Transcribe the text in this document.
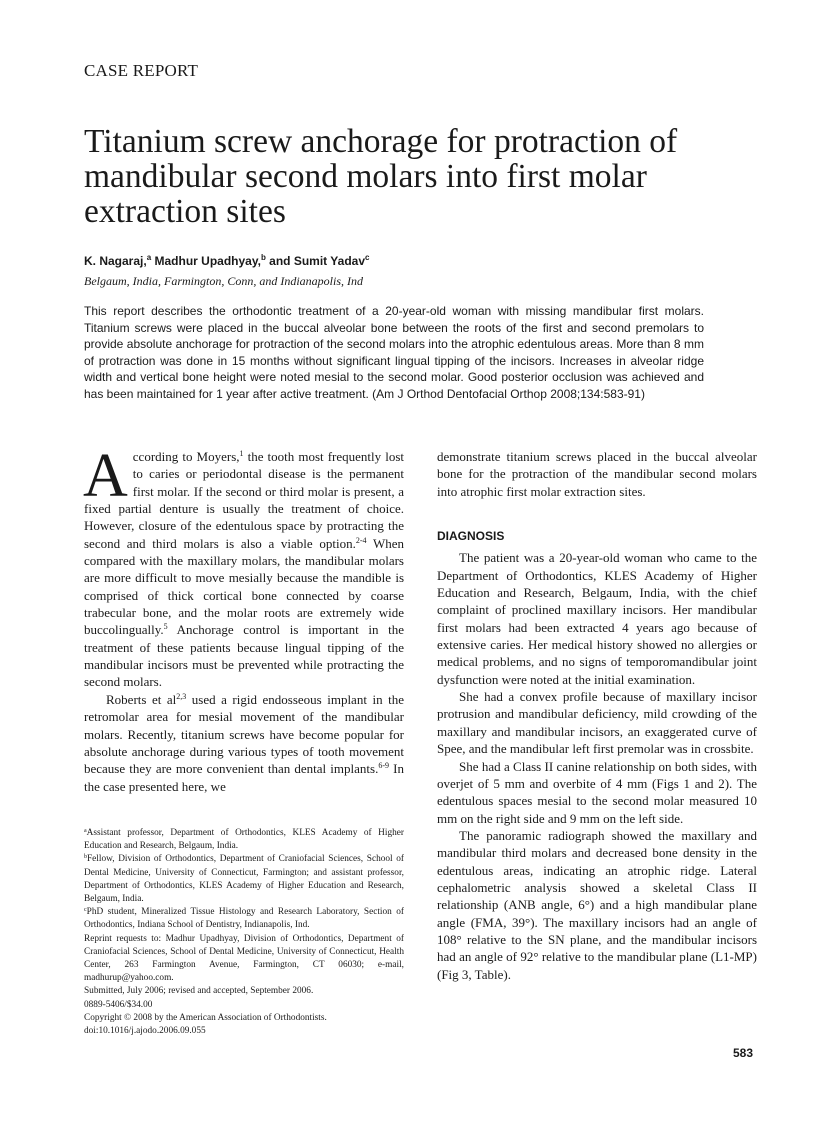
CASE REPORT
Titanium screw anchorage for protraction of mandibular second molars into first molar extraction sites
K. Nagaraj,$^a$ Madhur Upadhyay,$^b$ and Sumit Yadav$^c$
Belgaum, India, Farmington, Conn, and Indianapolis, Ind
This report describes the orthodontic treatment of a 20-year-old woman with missing mandibular first molars. Titanium screws were placed in the buccal alveolar bone between the roots of the first and second premolars to provide absolute anchorage for protraction of the second molars into the atrophic edentulous areas. More than 8 mm of protraction was done in 15 months without significant lingual tipping of the incisors. Increases in alveolar ridge width and vertical bone height were noted mesial to the second molar. Good posterior occlusion was achieved and has been maintained for 1 year after active treatment. (Am J Orthod Dentofacial Orthop 2008;134:583-91)

According to Moyers,$^1$ the tooth most frequently lost to caries or periodontal disease is the permanent first molar. If the second or third molar is present, a fixed partial denture is usually the treatment of choice. However, closure of the edentulous space by protracting the second and third molars is also a viable option.$^{2-4}$ When compared with the maxillary molars, the mandibular molars are more difficult to move mesially because the mandible is comprised of thick cortical bone connected by coarse trabecular bone, and the molar roots are extremely wide buccolingually.$^5$ Anchorage control is important in the treatment of these patients because lingual tipping of the mandibular incisors must be prevented while protracting the second molars.

Roberts et al$^{2,3}$ used a rigid endosseous implant in the retromolar area for mesial movement of the mandibular molars. Recently, titanium screws have become popular for absolute anchorage during various types of tooth movement because they are more convenient than dental implants.$^{6-9}$ In the case presented here, we

demonstrate titanium screws placed in the buccal alveolar bone for the protraction of the mandibular second molars into atrophic first molar extraction sites.

DIAGNOSIS

The patient was a 20-year-old woman who came to the Department of Orthodontics, KLES Academy of Higher Education and Research, Belgaum, India, with the chief complaint of proclined maxillary incisors. Her mandibular first molars had been extracted 4 years ago because of extensive caries. Her medical history showed no allergies or medical problems, and no signs of temporomandibular joint dysfunction were noted at the initial examination.

She had a convex profile because of maxillary incisor protrusion and mandibular deficiency, mild crowding of the maxillary and mandibular incisors, an exaggerated curve of Spee, and the mandibular left first premolar was in crossbite.

She had a Class II canine relationship on both sides, with overjet of 5 mm and overbite of 4 mm (Figs 1 and 2). The edentulous spaces mesial to the second molar measured 10 mm on the right side and 9 mm on the left side.

The panoramic radiograph showed the maxillary and mandibular third molars and decreased bone density in the edentulous areas, indicating an atrophic ridge. Lateral cephalometric analysis showed a skeletal Class II relationship (ANB angle, 6°) and a high mandibular plane angle (FMA, 39°). The maxillary incisors had an angle of 108° relative to the SN plane, and the mandibular incisors had an angle of 92° relative to the mandibular plane (L1-MP) (Fig 3, Table).

$^a$Assistant professor, Department of Orthodontics, KLES Academy of Higher Education and Research, Belgaum, India.
$^b$Fellow, Division of Orthodontics, Department of Craniofacial Sciences, School of Dental Medicine, University of Connecticut, Farmington; and assistant professor, Department of Orthodontics, KLES Academy of Higher Education and Research, Belgaum, India.
$^c$PhD student, Mineralized Tissue Histology and Research Laboratory, Section of Orthodontics, Indiana School of Dentistry, Indianapolis, Ind.
Reprint requests to: Madhur Upadhyay, Division of Orthodontics, Department of Craniofacial Sciences, School of Dental Medicine, University of Connecticut, Health Center, 263 Farmington Avenue, Farmington, CT 06030; e-mail, madhurup@yahoo.com.
Submitted, July 2006; revised and accepted, September 2006.
0889-5406/$34.00
Copyright © 2008 by the American Association of Orthodontists.
doi:10.1016/j.ajodo.2006.09.055
583
